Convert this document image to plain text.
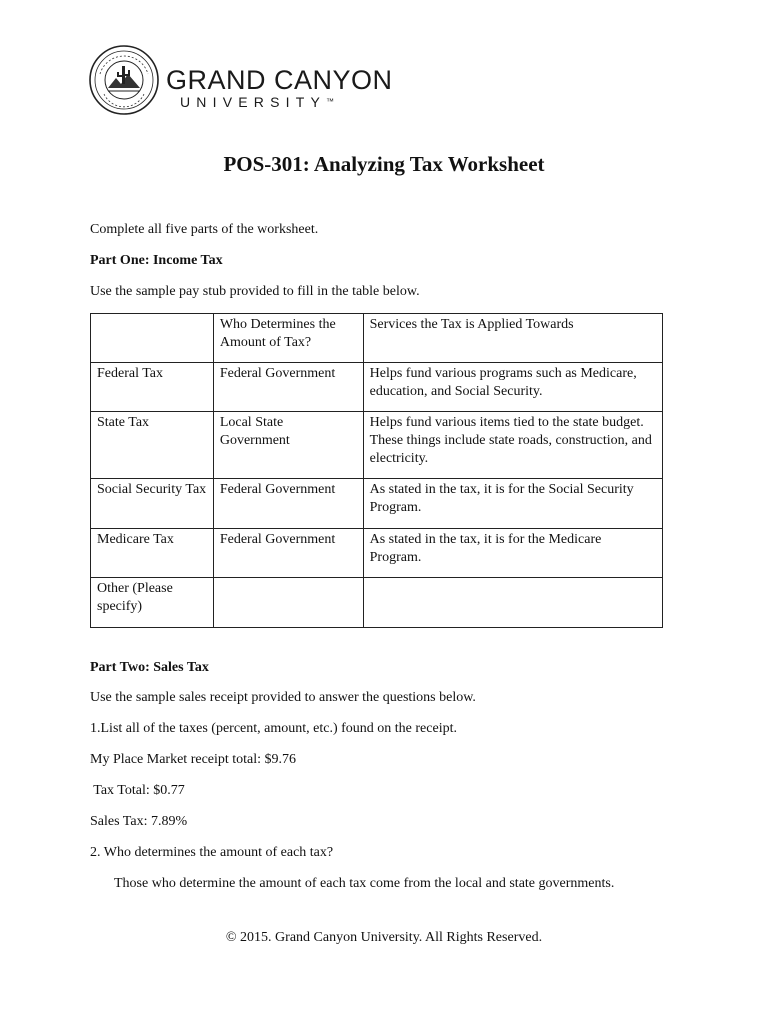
GRAND CANYON
UNIVERSITY™
POS-301: Analyzing Tax Worksheet

Complete all five parts of the worksheet.

Part One: Income Tax

Use the sample pay stub provided to fill in the table below.

	Who Determines the Amount of Tax?	Services the Tax is Applied Towards
Federal Tax	Federal Government	Helps fund various programs such as Medicare, education, and Social Security.
State Tax	Local State Government	Helps fund various items tied to the state budget. These things include state roads, construction, and electricity.
Social Security Tax	Federal Government	As stated in the tax, it is for the Social Security Program.
Medicare Tax	Federal Government	As stated in the tax, it is for the Medicare Program.
Other (Please specify)		

Part Two: Sales Tax

Use the sample sales receipt provided to answer the questions below.

1.List all of the taxes (percent, amount, etc.) found on the receipt.

My Place Market receipt total: $9.76

Tax Total: $0.77

Sales Tax: 7.89%

2. Who determines the amount of each tax?

Those who determine the amount of each tax come from the local and state governments.

© 2015. Grand Canyon University. All Rights Reserved.
